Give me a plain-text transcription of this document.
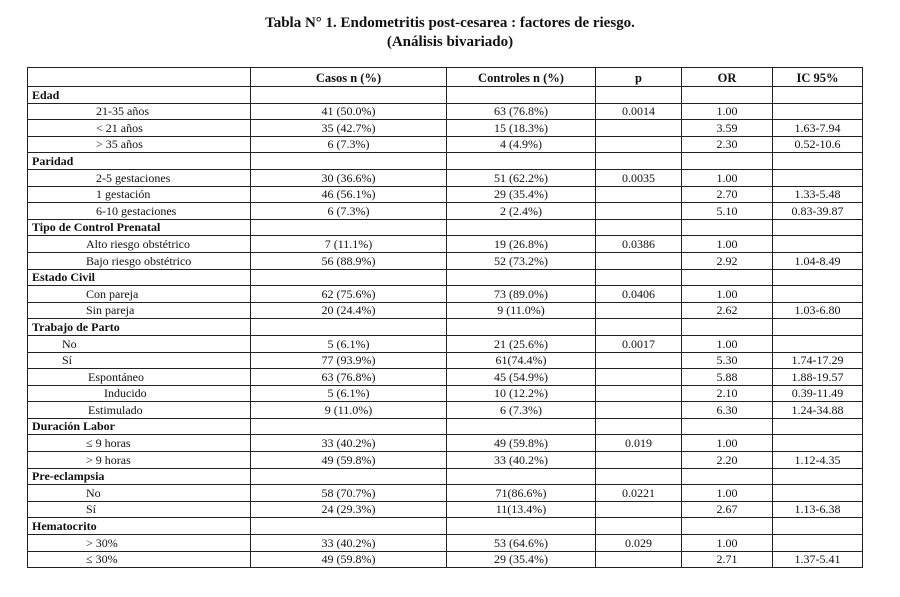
Tabla N° 1. Endometritis post-cesarea : factores de riesgo.
(Análisis bivariado)
	Casos n (%)	Controles n (%)	p	OR	IC 95%
Edad					
21-35 años	41 (50.0%)	63 (76.8%)	0.0014	1.00	
< 21 años	35 (42.7%)	15 (18.3%)		3.59	1.63-7.94
> 35 años	6 (7.3%)	4 (4.9%)		2.30	0.52-10.6
Paridad					
2-5 gestaciones	30 (36.6%)	51 (62.2%)	0.0035	1.00	
1 gestación	46 (56.1%)	29 (35.4%)		2.70	1.33-5.48
6-10 gestaciones	6 (7.3%)	2 (2.4%)		5.10	0.83-39.87
Tipo de Control Prenatal					
Alto riesgo obstétrico	7 (11.1%)	19 (26.8%)	0.0386	1.00	
Bajo riesgo obstétrico	56 (88.9%)	52 (73.2%)		2.92	1.04-8.49
Estado Civil					
Con pareja	62 (75.6%)	73 (89.0%)	0.0406	1.00	
Sin pareja	20 (24.4%)	9 (11.0%)		2.62	1.03-6.80
Trabajo de Parto					
No	5 (6.1%)	21 (25.6%)	0.0017	1.00	
Sí	77 (93.9%)	61(74.4%)		5.30	1.74-17.29
Espontáneo	63 (76.8%)	45 (54.9%)		5.88	1.88-19.57
Inducido	5 (6.1%)	10 (12.2%)		2.10	0.39-11.49
Estimulado	9 (11.0%)	6 (7.3%)		6.30	1.24-34.88
Duración Labor					
≤ 9 horas	33 (40.2%)	49 (59.8%)	0.019	1.00	
> 9 horas	49 (59.8%)	33 (40.2%)		2.20	1.12-4.35
Pre-eclampsia					
No	58 (70.7%)	71(86.6%)	0.0221	1.00	
Sí	24 (29.3%)	11(13.4%)		2.67	1.13-6.38
Hematocrito					
> 30%	33 (40.2%)	53 (64.6%)	0.029	1.00	
≤ 30%	49 (59.8%)	29 (35.4%)		2.71	1.37-5.41
